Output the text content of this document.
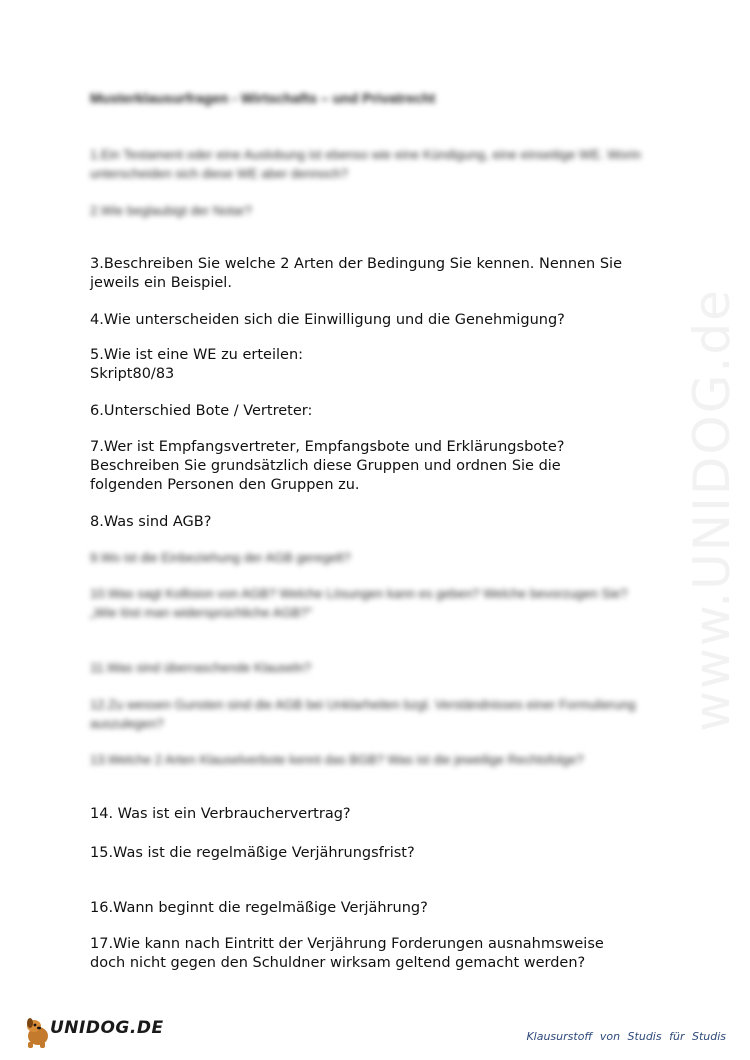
www.UNIDOG.de
Musterklausurfragen - Wirtschafts – und Privatrecht
1.Ein Testament oder eine Auslobung ist ebenso wie eine Kündigung, eine einseitige WE. Worin unterscheiden sich diese WE aber dennoch?
2.Wie beglaubigt der Notar?
3.Beschreiben Sie welche 2 Arten der Bedingung Sie kennen. Nennen Sie
jeweils ein Beispiel.
4.Wie unterscheiden sich die Einwilligung und die Genehmigung?
5.Wie ist eine WE zu erteilen:
Skript80/83
6.Unterschied Bote / Vertreter:
7.Wer ist Empfangsvertreter, Empfangsbote und Erklärungsbote?
Beschreiben Sie grundsätzlich diese Gruppen und ordnen Sie die
folgenden Personen den Gruppen zu.
8.Was sind AGB?
9.Wo ist die Einbeziehung der AGB geregelt?
10.Was sagt Kollision von AGB? Welche Lösungen kann es geben? Welche bevorzugen Sie?
„Wie löst man widersprüchliche AGB?"
11.Was sind überraschende Klauseln?
12.Zu wessen Gunsten sind die AGB bei Unklarheiten bzgl. Verständnisses einer Formulierung auszulegen?
13.Welche 2 Arten Klauselverbote kennt das BGB? Was ist die jeweilige Rechtsfolge?
14. Was ist ein Verbrauchervertrag?
15.Was ist die regelmäßige Verjährungsfrist?
16.Wann beginnt die regelmäßige Verjährung?
17.Wie kann nach Eintritt der Verjährung Forderungen ausnahmsweise
doch nicht gegen den Schuldner wirksam geltend gemacht werden?
UNIDOG.DE	Klausurstoff von Studis für Studis
